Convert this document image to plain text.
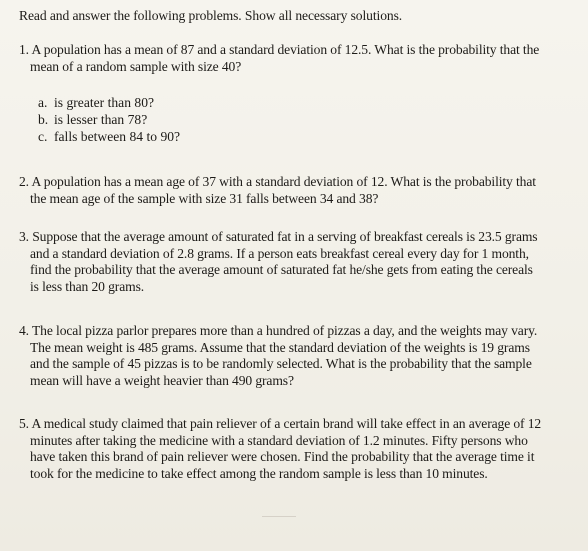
Read and answer the following problems. Show all necessary solutions.
1. A population has a mean of 87 and a standard deviation of 12.5. What is the probability that the
mean of a random sample with size 40?
a. is greater than 80?
b. is lesser than 78?
c. falls between 84 to 90?
2. A population has a mean age of 37 with a standard deviation of 12. What is the probability that
the mean age of the sample with size 31 falls between 34 and 38?
3. Suppose that the average amount of saturated fat in a serving of breakfast cereals is 23.5 grams
and a standard deviation of 2.8 grams. If a person eats breakfast cereal every day for 1 month,
find the probability that the average amount of saturated fat he/she gets from eating the cereals
is less than 20 grams.
4. The local pizza parlor prepares more than a hundred of pizzas a day, and the weights may vary.
The mean weight is 485 grams. Assume that the standard deviation of the weights is 19 grams
and the sample of 45 pizzas is to be randomly selected. What is the probability that the sample
mean will have a weight heavier than 490 grams?
5. A medical study claimed that pain reliever of a certain brand will take effect in an average of 12
minutes after taking the medicine with a standard deviation of 1.2 minutes. Fifty persons who
have taken this brand of pain reliever were chosen. Find the probability that the average time it
took for the medicine to take effect among the random sample is less than 10 minutes.
